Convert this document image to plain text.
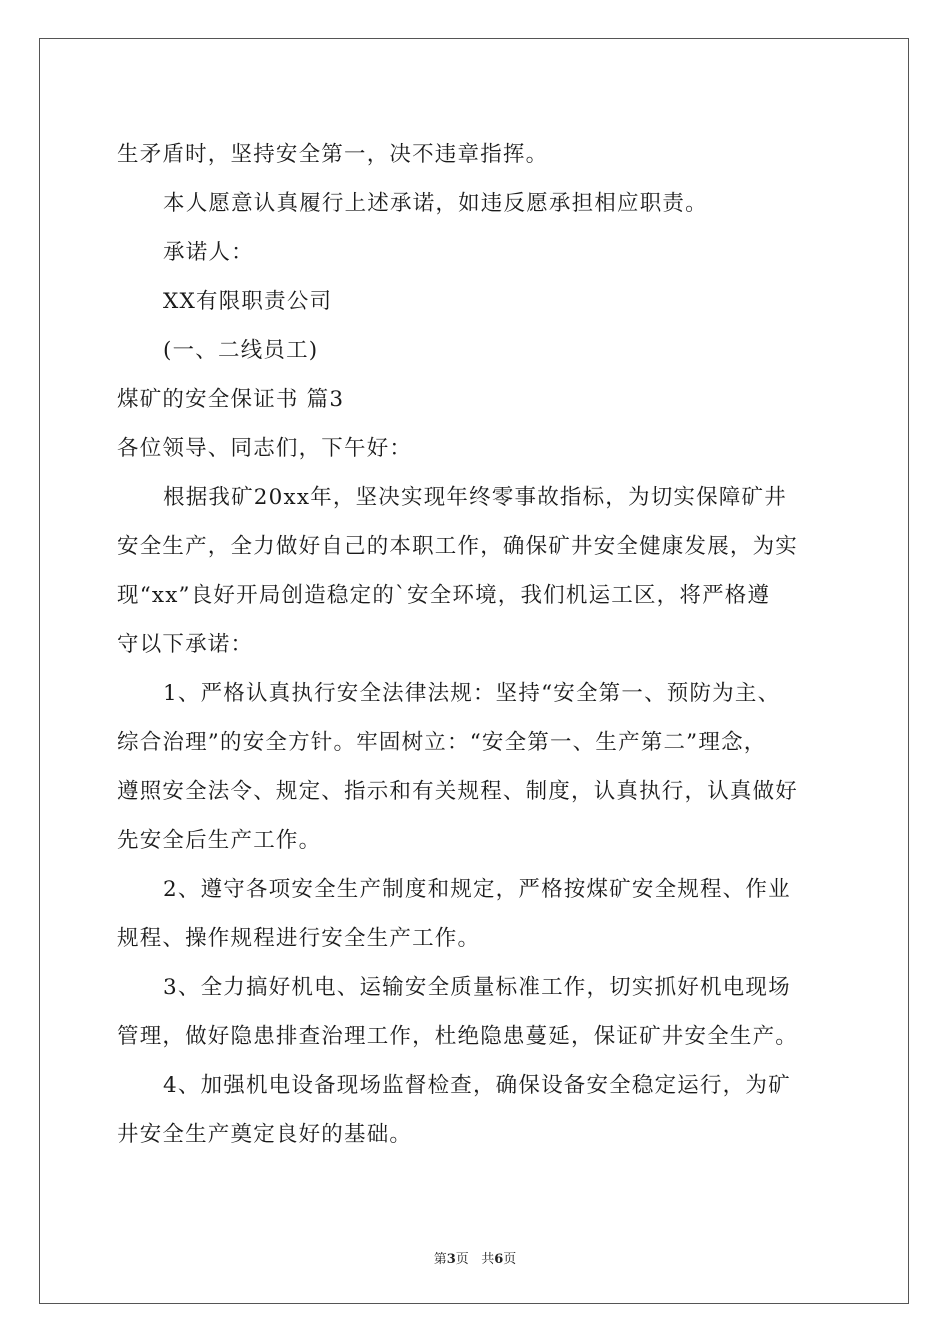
生矛盾时，坚持安全第一，决不违章指挥。
本人愿意认真履行上述承诺，如违反愿承担相应职责。
承诺人：
XX有限职责公司
(一、二线员工)
煤矿的安全保证书 篇3
各位领导、同志们，下午好：
根据我矿20xx年，坚决实现年终零事故指标，为切实保障矿井
安全生产，全力做好自己的本职工作，确保矿井安全健康发展，为实
现“xx”良好开局创造稳定的`安全环境，我们机运工区，将严格遵
守以下承诺：
1、严格认真执行安全法律法规：坚持“安全第一、预防为主、
综合治理”的安全方针。牢固树立：“安全第一、生产第二”理念，
遵照安全法令、规定、指示和有关规程、制度，认真执行，认真做好
先安全后生产工作。
2、遵守各项安全生产制度和规定，严格按煤矿安全规程、作业
规程、操作规程进行安全生产工作。
3、全力搞好机电、运输安全质量标准工作，切实抓好机电现场
管理，做好隐患排查治理工作，杜绝隐患蔓延，保证矿井安全生产。
4、加强机电设备现场监督检查，确保设备安全稳定运行，为矿
井安全生产奠定良好的基础。
第3页   共6页
